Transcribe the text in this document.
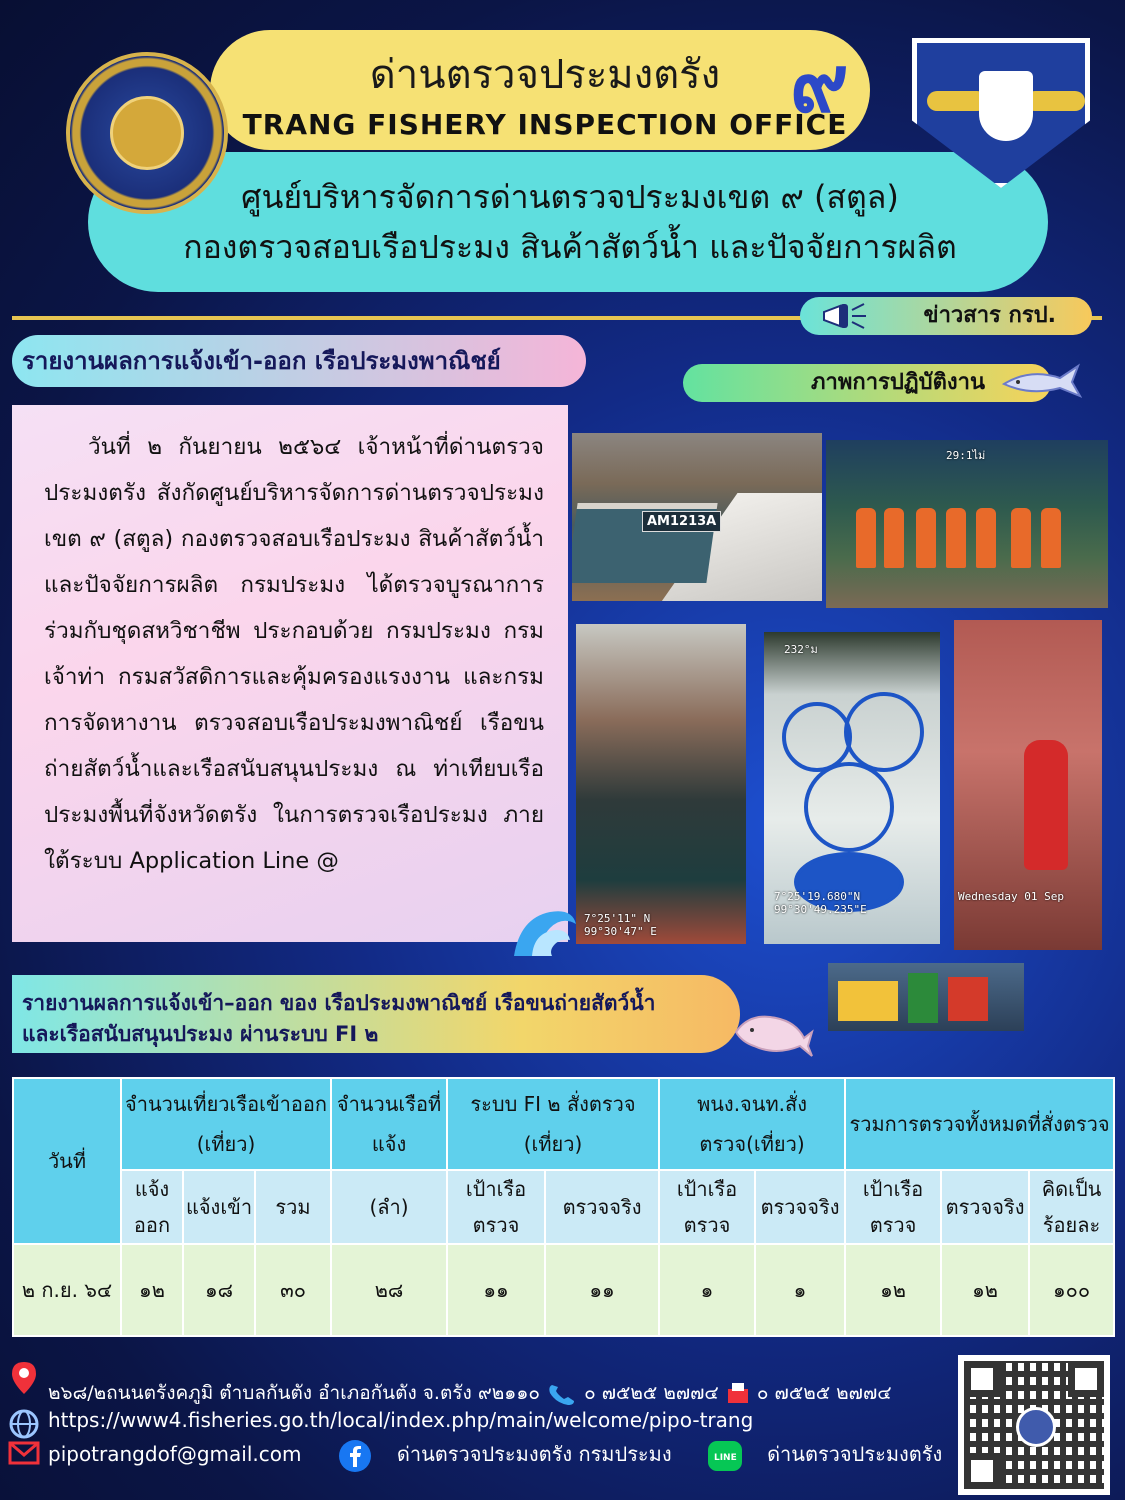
ด่านตรวจประมงตรัง
TRANG FISHERY INSPECTION OFFICE
๙
ศูนย์บริหารจัดการด่านตรวจประมงเขต ๙ (สตูล)
กองตรวจสอบเรือประมง สินค้าสัตว์น้ำ และปัจจัยการผลิต
ข่าวสาร กรป.
รายงานผลการแจ้งเข้า-ออก เรือประมงพาณิชย์
ภาพการปฏิบัติงาน

วันที่ ๒ กันยายน ๒๕๖๔ เจ้าหน้าที่ด่านตรวจประมงตรัง สังกัดศูนย์บริหารจัดการด่านตรวจประมง เขต ๙ (สตูล) กองตรวจสอบเรือประมง สินค้าสัตว์น้ำ และปัจจัยการผลิต กรมประมง ได้ตรวจบูรณาการร่วมกับชุดสหวิชาชีพ ประกอบด้วย กรมประมง กรมเจ้าท่า กรมสวัสดิการและคุ้มครองแรงงาน และกรมการจัดหางาน ตรวจสอบเรือประมงพาณิชย์ เรือขนถ่ายสัตว์น้ำและเรือสนับสนุนประมง ณ ท่าเทียบเรือประมงพื้นที่จังหวัดตรัง ในการตรวจเรือประมง ภายใต้ระบบ Application Line @

AM1213A
29:1ไม่
7°25'11" N
99°30'47" E
232°ม
7°25'19.680"N
99°30'49.235"E
Wednesday 01 Sep
รายงานผลการแจ้งเข้า–ออก ของ เรือประมงพาณิชย์ เรือขนถ่ายสัตว์น้ำ
และเรือสนับสนุนประมง ผ่านระบบ FI ๒
วันที่	จำนวนเที่ยวเรือเข้าออก (เที่ยว)			จำนวนเรือที่แจ้ง	ระบบ FI ๒ สั่งตรวจ (เที่ยว)		พนง.จนท.สั่งตรวจ(เที่ยว)		รวมการตรวจทั้งหมดที่สั่งตรวจ		
	แจ้งออก	แจ้งเข้า	รวม	(ลำ)	เป้าเรือตรวจ	ตรวจจริง	เป้าเรือตรวจ	ตรวจจริง	เป้าเรือตรวจ	ตรวจจริง	คิดเป็นร้อยละ
๒ ก.ย. ๖๔	๑๒	๑๘	๓๐	๒๘	๑๑	๑๑	๑	๑	๑๒	๑๒	๑๐๐
๒๖๘/๒ถนนตรังคภูมิ ตำบลกันตัง อำเภอกันตัง จ.ตรัง ๙๒๑๑๐ ๐ ๗๕๒๕ ๒๗๗๔ ๐ ๗๕๒๕ ๒๗๗๔
https://www4.fisheries.go.th/local/index.php/main/welcome/pipo-trang
pipotrangdof@gmail.com	ด่านตรวจประมงตรัง กรมประมง	LINE ด่านตรวจประมงตรัง
